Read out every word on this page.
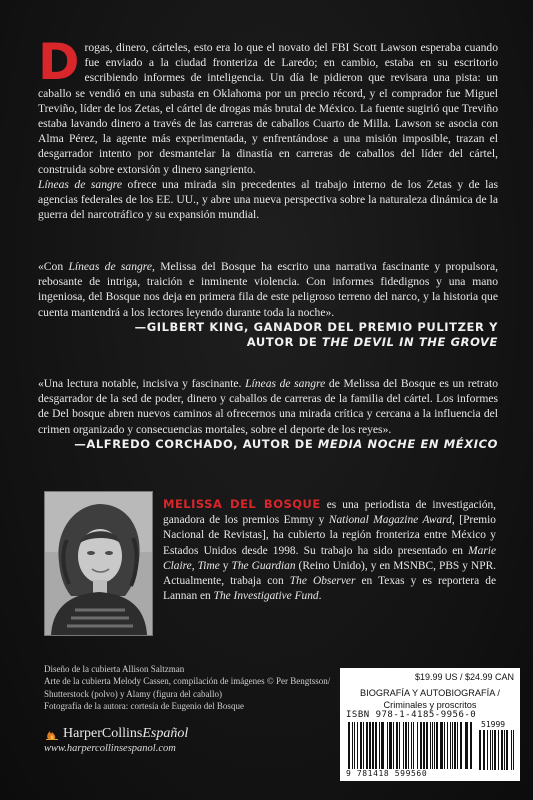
D rogas, dinero, cárteles, esto era lo que el novato del FBI Scott Lawson esperaba cuando fue enviado a la ciudad fronteriza de Laredo; en cambio, estaba en su escritorio escribiendo informes de inteligencia. Un día le pidieron que revisara una pista: un caballo se vendió en una subasta en Oklahoma por un precio récord, y el comprador fue Miguel Treviño, líder de los Zetas, el cártel de drogas más brutal de México. La fuente sugirió que Treviño estaba lavando dinero a través de las carreras de caballos Cuarto de Milla. Lawson se asocia con Alma Pérez, la agente más experimentada, y enfrentándose a una misión imposible, trazan el desgarrador intento por desmantelar la dinastía en carreras de caballos del líder del cártel, construida sobre extorsión y dinero sangriento.

Líneas de sangre ofrece una mirada sin precedentes al trabajo interno de los Zetas y de las agencias federales de los EE. UU., y abre una nueva perspectiva sobre la naturaleza dinámica de la guerra del narcotráfico y su expansión mundial.

«Con Líneas de sangre, Melissa del Bosque ha escrito una narrativa fascinante y propulsora, rebosante de intriga, traición e inminente violencia. Con informes fidedignos y una mano ingeniosa, del Bosque nos deja en primera fila de este peligroso terreno del narco, y la historia que cuenta mantendrá a los lectores leyendo durante toda la noche».

—GILBERT KING, GANADOR DEL PREMIO PULITZER Y
AUTOR DE THE DEVIL IN THE GROVE

«Una lectura notable, incisiva y fascinante. Líneas de sangre de Melissa del Bosque es un retrato desgarrador de la sed de poder, dinero y caballos de carreras de la familia del cártel. Los informes de Del bosque abren nuevos caminos al ofrecernos una mirada crítica y cercana a la influencia del crimen organizado y consecuencias mortales, sobre el deporte de los reyes».

—ALFREDO CORCHADO, AUTOR DE MEDIA NOCHE EN MÉXICO

MELISSA DEL BOSQUE es una periodista de investigación, ganadora de los premios Emmy y National Magazine Award, [Premio Nacional de Revistas], ha cubierto la región fronteriza entre México y Estados Unidos desde 1998. Su trabajo ha sido presentado en Marie Claire, Time y The Guardian (Reino Unido), y en MSNBC, PBS y NPR. Actualmente, trabaja con The Observer en Texas y es reportera de Lannan en The Investigative Fund.

Diseño de la cubierta Allison Saltzman

Arte de la cubierta Melody Cassen, compilación de imágenes © Per Bengtsson/ Shutterstock (polvo) y Alamy (figura del caballo)

Fotografía de la autora: cortesía de Eugenio del Bosque

HarperCollinsEspañol
www.harpercollinsespanol.com
$19.99 US / $24.99 CAN
BIOGRAFÍA Y AUTOBIOGRAFÍA /
Criminales y proscritos
ISBN 978-1-4185-9956-0
9 781418 599560
51999
